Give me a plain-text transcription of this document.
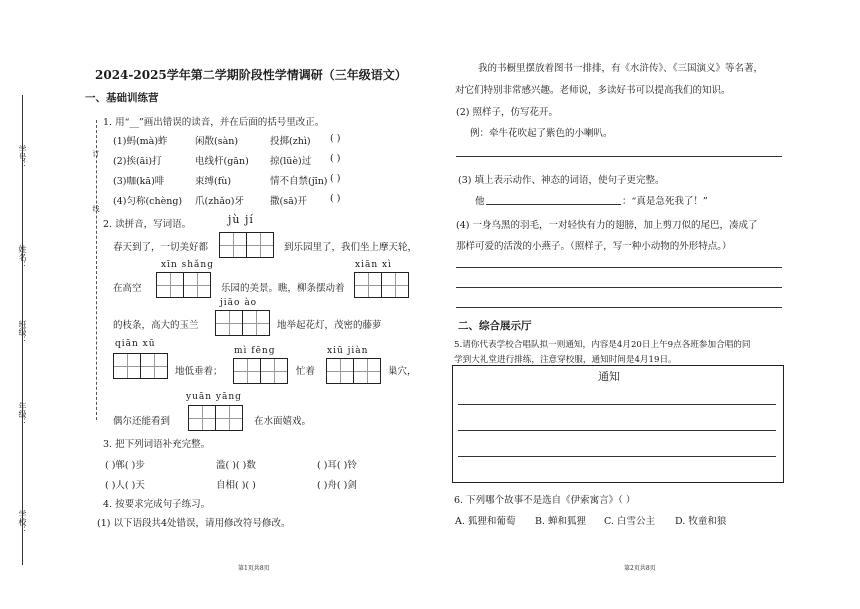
学号：
姓名：
班级：
年级：
学校：
订
线
2024-2025学年第二学期阶段性学情调研（三年级语文）
一、基础训练营
1. 用“__”画出错误的读音，并在后面的括号里改正。
(1)蚂(mà)蚱	闲散(sàn)	投掷(zhì) ( )
(2)挨(āi)打	电线杆(gān) 掠(lüè)过 ( )
(3)咖(kā)啡	束缚(fù)	情不自禁(jīn) ( )
(4)匀称(chèng) 爪(zhǎo)牙	撒(sā)开 ( )
2. 读拼音，写词语。	jù jí
春天到了，一切美好都	到乐园里了，我们坐上摩天轮，
xīn shǎng	xiān xì
在高空	乐园的美景。瞧，柳条摆动着
jiāo ào
的枝条，高大的玉兰	地举起花灯，茂密的藤萝
qiān xū
mì fēng	xiū jiàn
地低垂着；	忙着	巢穴，
yuān yāng
偶尔还能看到	在水面嬉戏。
3. 把下列词语补充完整。
( )郸( )步	滥( )( )数	( )耳( )铃
( )人( )天	自相( )( )	( )舟( )剑
4. 按要求完成句子练习。
(1) 以下语段共4处错误，请用修改符号修改。
第1页共8页
我的书橱里摆放着图书一排排，有《水浒传》、《三国演义》等名著，
对它们特别非常感兴趣。老师说，多读好书可以提高我们的知识。
(2) 照样子，仿写花开。
例：牵牛花吹起了紫色的小喇叭。
(3) 填上表示动作、神态的词语，使句子更完整。
他	：“真是急死我了！”
(4) 一身乌黑的羽毛，一对轻快有力的翅膀，加上剪刀似的尾巴，凑成了
那样可爱的活泼的小燕子。（照样子，写一种小动物的外形特点。）
二、综合展示厅
5.请你代表学校合唱队拟一则通知，内容是4月20日上午9点各班参加合唱的同
学到大礼堂进行排练，注意穿校服，通知时间是4月19日。
通知
6. 下列哪个故事不是选自《伊索寓言》（ ）
A. 狐狸和葡萄 B. 蝉和狐狸 C. 白雪公主 D. 牧童和狼
第2页共8页
